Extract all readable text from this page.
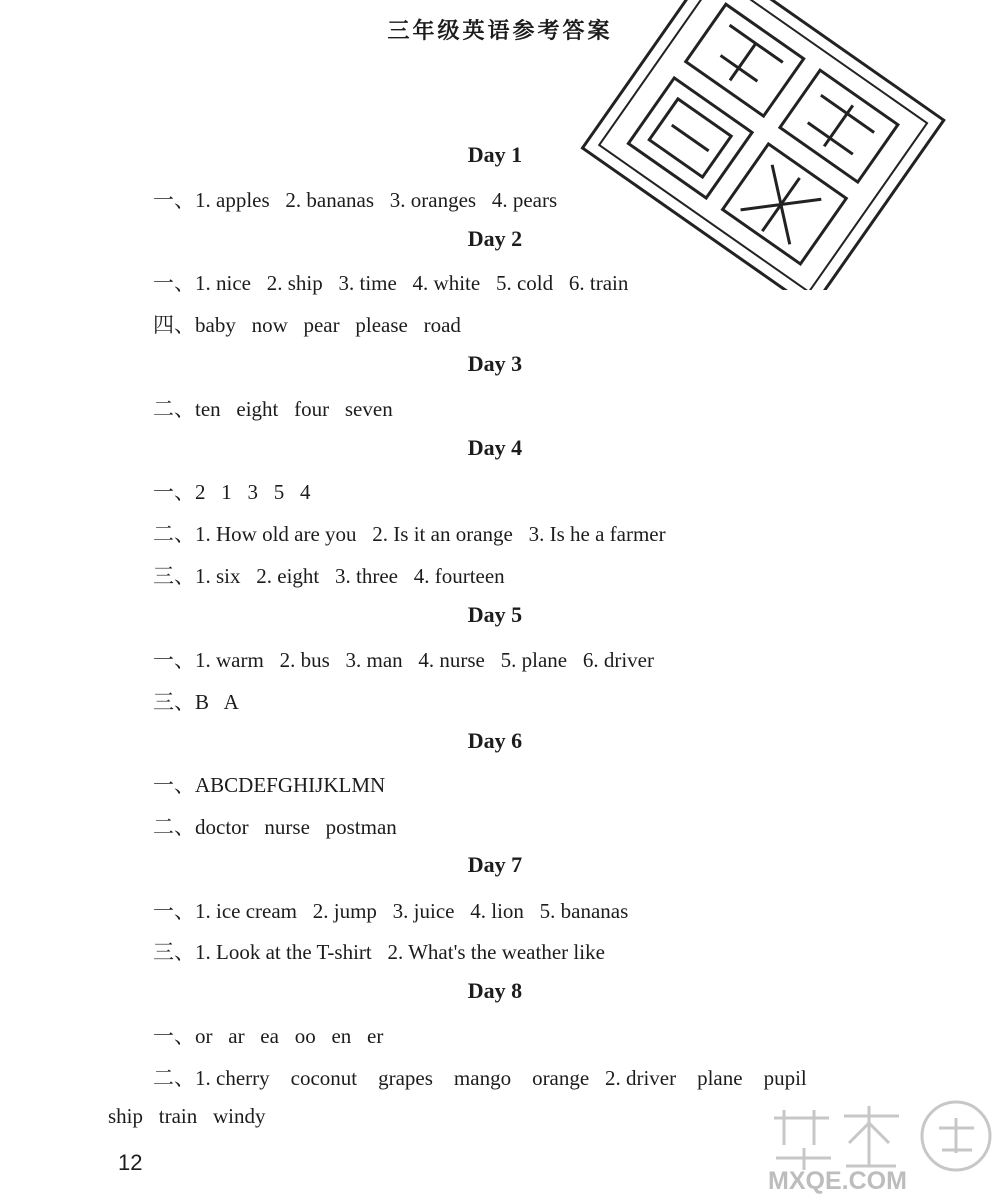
三年级英语参考答案
Day 1
一、1. apples   2. bananas   3. oranges   4. pears
Day 2
一、1. nice   2. ship   3. time   4. white   5. cold   6. train
四、baby   now   pear   please   road
Day 3
二、ten   eight   four   seven
Day 4
一、2   1   3   5   4
二、1. How old are you   2. Is it an orange   3. Is he a farmer
三、1. six   2. eight   3. three   4. fourteen
Day 5
一、1. warm   2. bus   3. man   4. nurse   5. plane   6. driver
三、B   A
Day 6
一、ABCDEFGHIJKLMN
二、doctor   nurse   postman
Day 7
一、1. ice cream   2. jump   3. juice   4. lion   5. bananas
三、1. Look at the T-shirt   2. What's the weather like
Day 8
一、or   ar   ea   oo   en   er
二、1. cherry    coconut    grapes    mango    orange   2. driver    plane    pupil
ship   train   windy
12
MXQE.COM
